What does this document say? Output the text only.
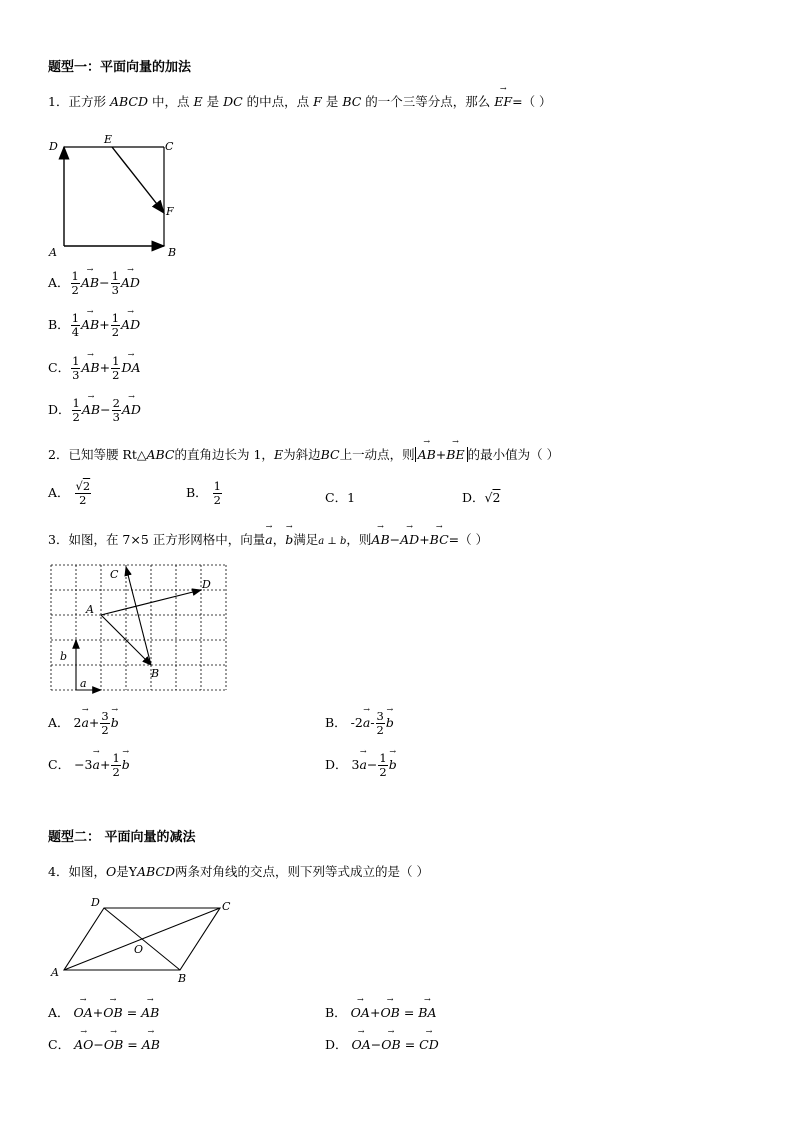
题型一：平面向量的加法
1．正方形 ABCD 中，点 E 是 DC 的中点，点 F 是 BC 的一个三等分点，那么
→
EF=（ ）
D
E
C
F
A	B
A． $\frac{1}{2}$
→
$AB- \frac{1}{3}$
→
AD
B． $\frac{1}{4}$
→
$AB+ \frac{1}{2}$
→
AD
C． $\frac{1}{3}$
→
$AB+ \frac{1}{2}$
→
DA
D． $\frac{1}{2}$
→
$AB- \frac{2}{3}$
→
AD
2．已知等腰 Rt△ABC的直角边长为 1，E为斜边BC上一动点，则
→
AB+
→
BE 的最小值为（ ）
A． $\frac{√2}{2}$	B． $\frac{1}{2}$	C．1	D．√2
3．如图，在 7×5 正方形网格中，向量
→
a，
→
b满足a ⊥ b，则
→
AB−
→
AD+
→
BC=（ ）
C
D
A
B
b
a
A． 2
→
$a+ \frac{3}{2}$
→
b	B． -2
→
$a- \frac{3}{2}$
→
b
C． −3
→
$a+ \frac{1}{2}$
→
b	D． 3
→
$a- \frac{1}{2}$
→
b
题型二： 平面向量的减法
4．如图，O是YABCD两条对角线的交点，则下列等式成立的是（ ）
D	C
O
A	B
A．
→
OA+
→
OB =
→
AB	B．
→
OA+
→
OB =
→
BA
C．
→
AO−
→
OB =
→
AB	D．
→
OA−
→
OB =
→
CD
